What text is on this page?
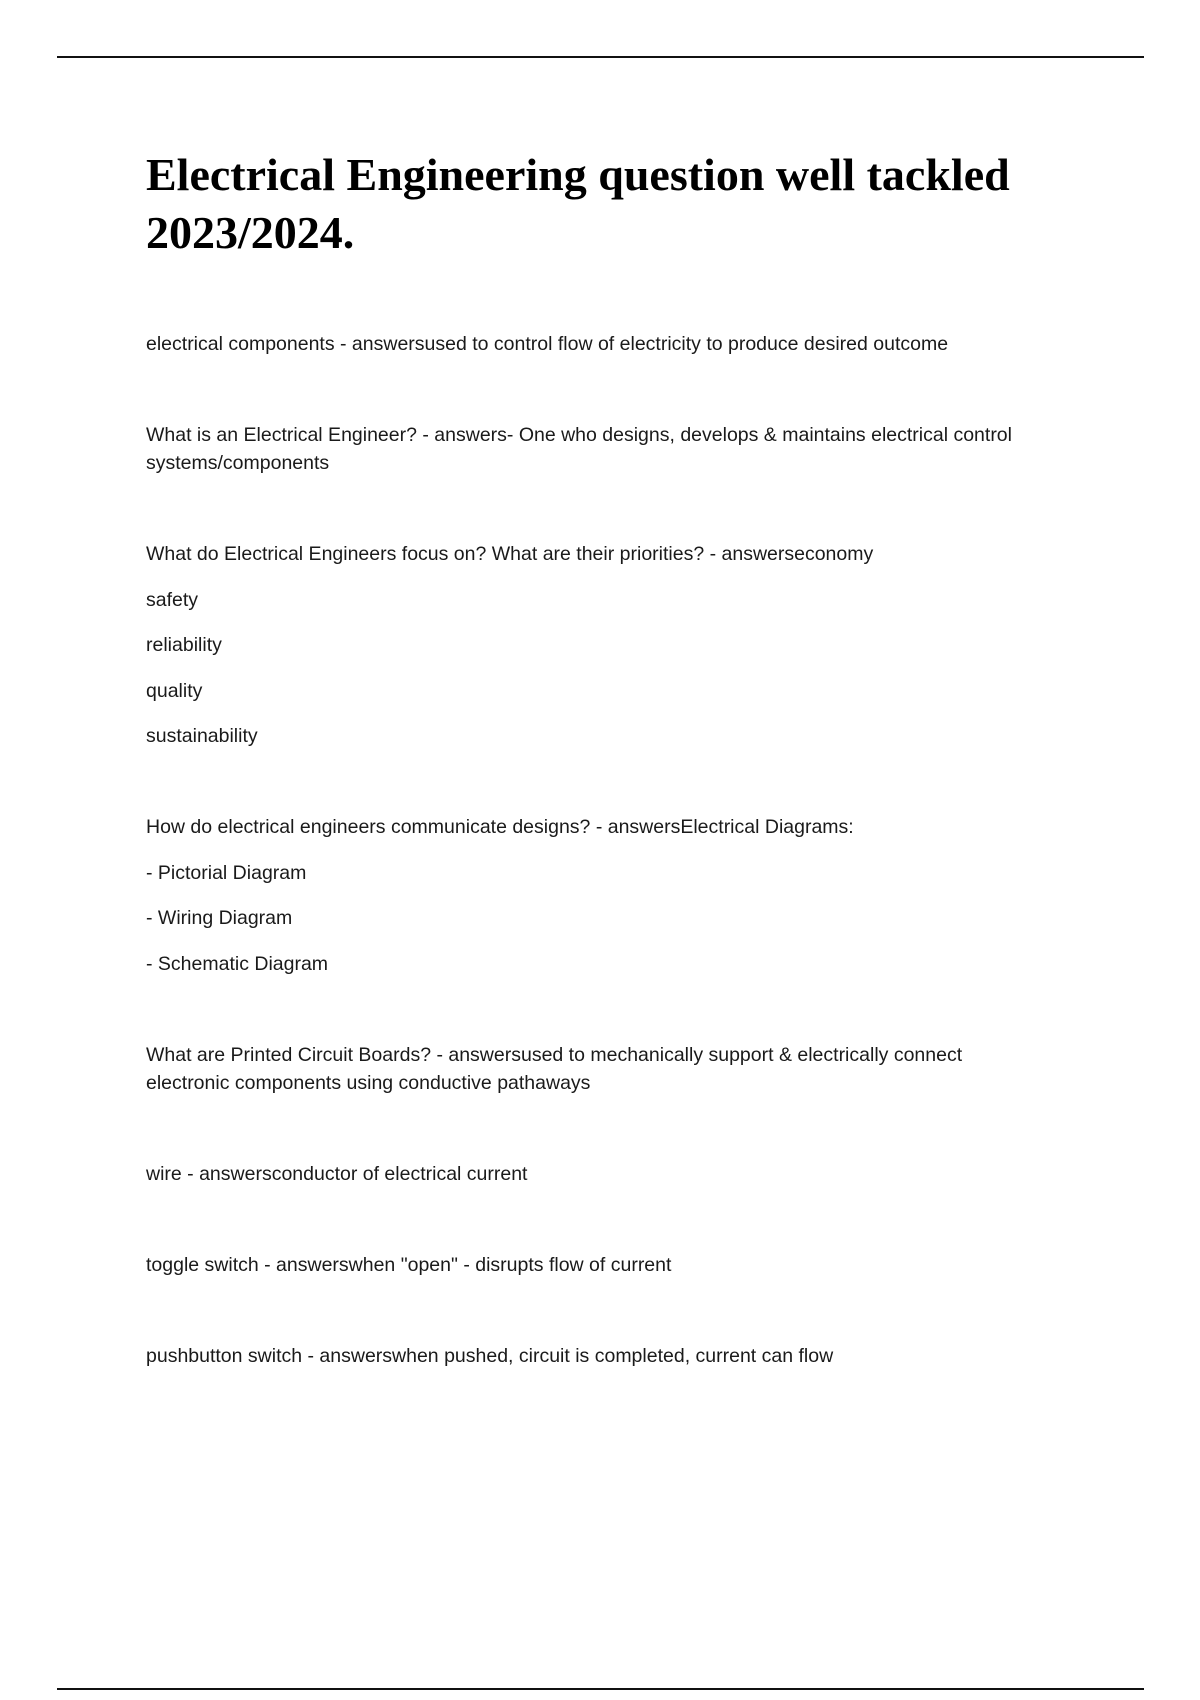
Electrical Engineering question well tackled
2023/2024.

electrical components - answersused to control flow of electricity to produce desired outcome

What is an Electrical Engineer? - answers- One who designs, develops & maintains electrical control

systems/components

What do Electrical Engineers focus on? What are their priorities? - answerseconomy

safety

reliability

quality

sustainability

How do electrical engineers communicate designs? - answersElectrical Diagrams:

- Pictorial Diagram

- Wiring Diagram

- Schematic Diagram

What are Printed Circuit Boards? - answersused to mechanically support & electrically connect

electronic components using conductive pathaways

wire - answersconductor of electrical current

toggle switch - answerswhen "open" - disrupts flow of current

pushbutton switch - answerswhen pushed, circuit is completed, current can flow
